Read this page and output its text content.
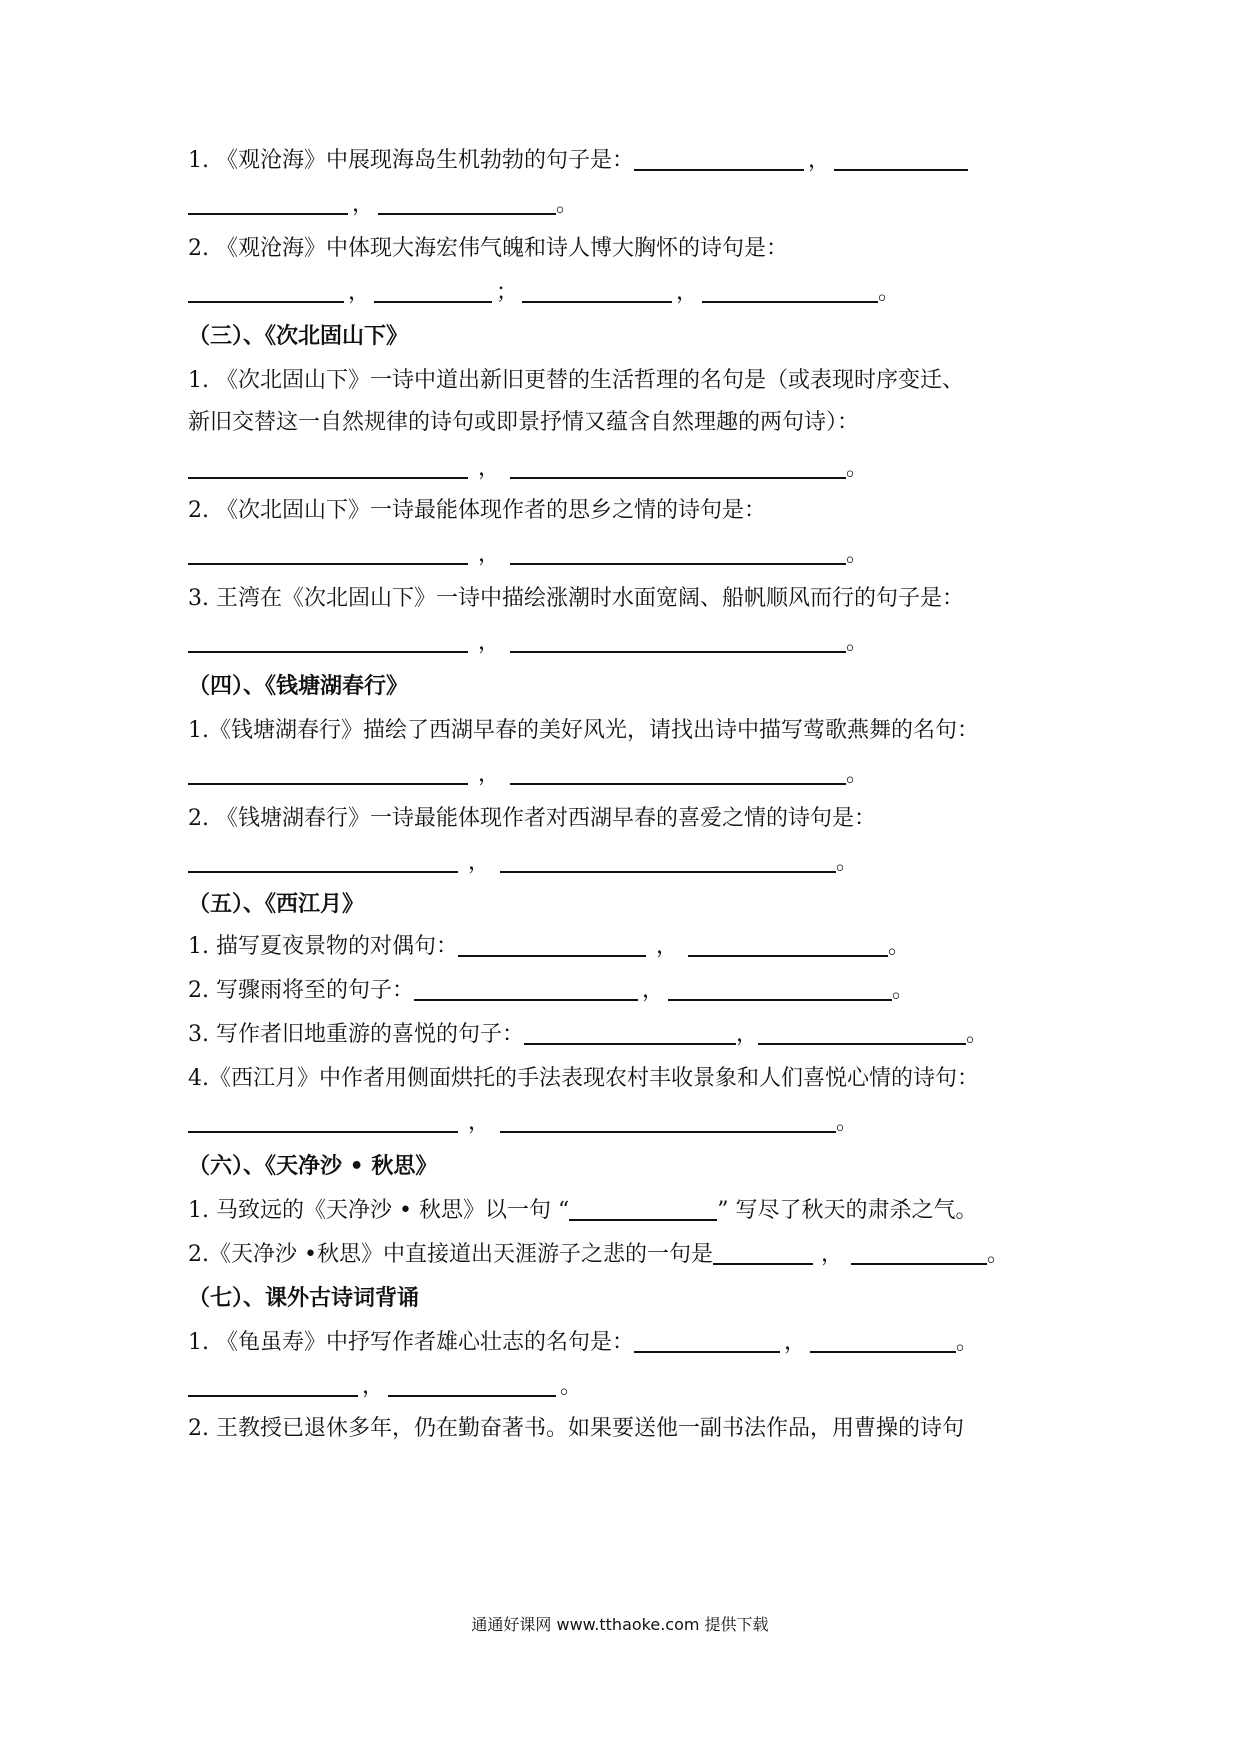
1. 《观沧海》中展现海岛生机勃勃的句子是：	，
，	。
2. 《观沧海》中体现大海宏伟气魄和诗人博大胸怀的诗句是：
，	；	，	。
（三）、《次北固山下》
1. 《次北固山下》一诗中道出新旧更替的生活哲理的名句是（或表现时序变迁、
新旧交替这一自然规律的诗句或即景抒情又蕴含自然理趣的两句诗）：
，	。
2. 《次北固山下》一诗最能体现作者的思乡之情的诗句是：
，	。
3. 王湾在《次北固山下》一诗中描绘涨潮时水面宽阔、船帆顺风而行的句子是：
，	。
（四）、《钱塘湖春行》
1.《钱塘湖春行》描绘了西湖早春的美好风光，请找出诗中描写莺歌燕舞的名句：
，	。
2. 《钱塘湖春行》一诗最能体现作者对西湖早春的喜爱之情的诗句是：
，	。
（五）、《西江月》
1. 描写夏夜景物的对偶句：	，	。
2. 写骤雨将至的句子：	，	。
3. 写作者旧地重游的喜悦的句子：	，	。
4.《西江月》中作者用侧面烘托的手法表现农村丰收景象和人们喜悦心情的诗句：
，	。
（六）、《天净沙 • 秋思》
1. 马致远的《天净沙 • 秋思》以一句 “	” 写尽了秋天的肃杀之气。
2.《天净沙 •秋思》中直接道出天涯游子之悲的一句是	，	。
（七）、课外古诗词背诵
1. 《龟虽寿》中抒写作者雄心壮志的名句是：	，	。
，	。
2. 王教授已退休多年，仍在勤奋著书。如果要送他一副书法作品，用曹操的诗句
通通好课网 www.tthaoke.com 提供下载
